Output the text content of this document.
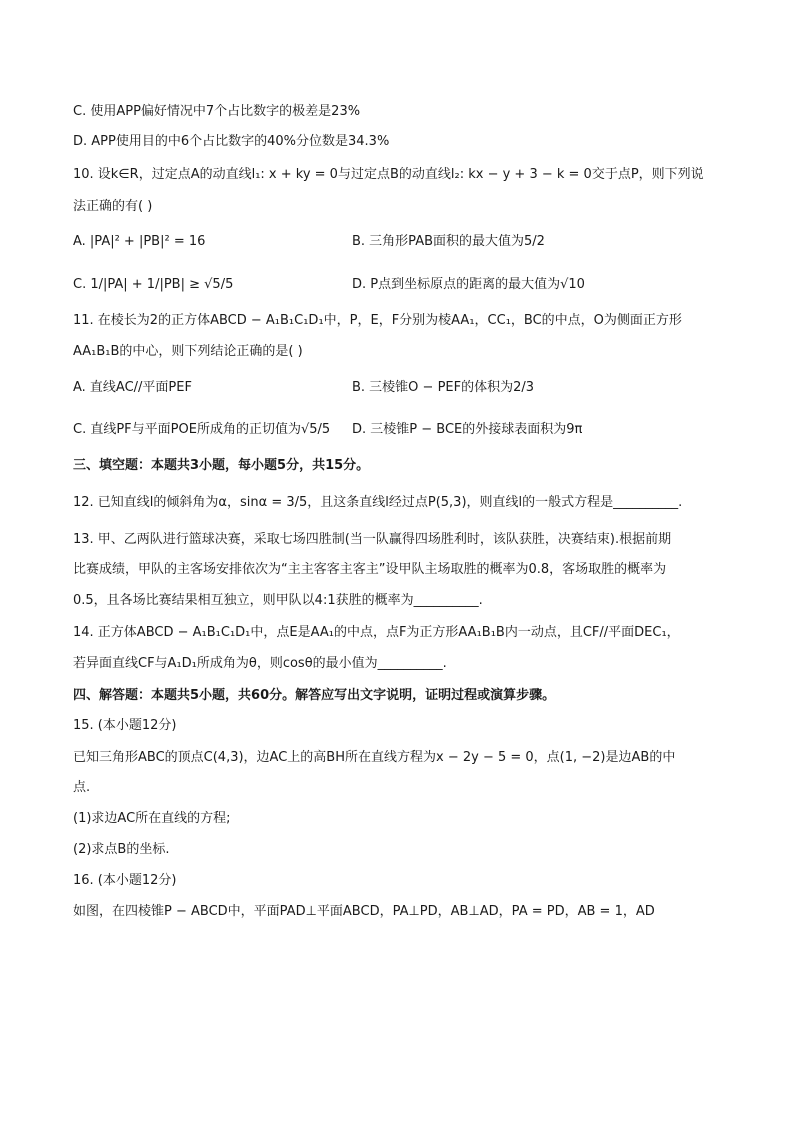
C. 使用APP偏好情况中7个占比数字的极差是23%
D. APP使用目的中6个占比数字的40%分位数是34.3%
10. 设k∈R，过定点A的动直线l₁: x + ky = 0与过定点B的动直线l₂: kx − y + 3 − k = 0交于点P，则下列说
法正确的有( )
A. |PA|² + |PB|² = 16	B. 三角形PAB面积的最大值为5/2
C. 1/|PA| + 1/|PB| ≥ √5/5	D. P点到坐标原点的距离的最大值为√10
11. 在棱长为2的正方体ABCD − A₁B₁C₁D₁中，P，E，F分别为棱AA₁，CC₁，BC的中点，O为侧面正方形
AA₁B₁B的中心，则下列结论正确的是( )
A. 直线AC//平面PEF	B. 三棱锥O − PEF的体积为2/3
C. 直线PF与平面POE所成角的正切值为√5/5 D. 三棱锥P − BCE的外接球表面积为9π
三、填空题：本题共3小题，每小题5分，共15分。
12. 已知直线l的倾斜角为α，sinα = 3/5，且这条直线l经过点P(5,3)，则直线l的一般式方程是__________.
13. 甲、乙两队进行篮球决赛，采取七场四胜制(当一队赢得四场胜利时，该队获胜，决赛结束).根据前期
比赛成绩，甲队的主客场安排依次为“主主客客主客主”设甲队主场取胜的概率为0.8，客场取胜的概率为
0.5，且各场比赛结果相互独立，则甲队以4:1获胜的概率为__________.
14. 正方体ABCD − A₁B₁C₁D₁中，点E是AA₁的中点，点F为正方形AA₁B₁B内一动点，且CF//平面DEC₁，
若异面直线CF与A₁D₁所成角为θ，则cosθ的最小值为__________.
四、解答题：本题共5小题，共60分。解答应写出文字说明，证明过程或演算步骤。
15. (本小题12分)
已知三角形ABC的顶点C(4,3)，边AC上的高BH所在直线方程为x − 2y − 5 = 0，点(1, −2)是边AB的中
点.
(1)求边AC所在直线的方程;
(2)求点B的坐标.
16. (本小题12分)
如图，在四棱锥P − ABCD中，平面PAD⊥平面ABCD，PA⊥PD，AB⊥AD，PA = PD，AB = 1，AD
